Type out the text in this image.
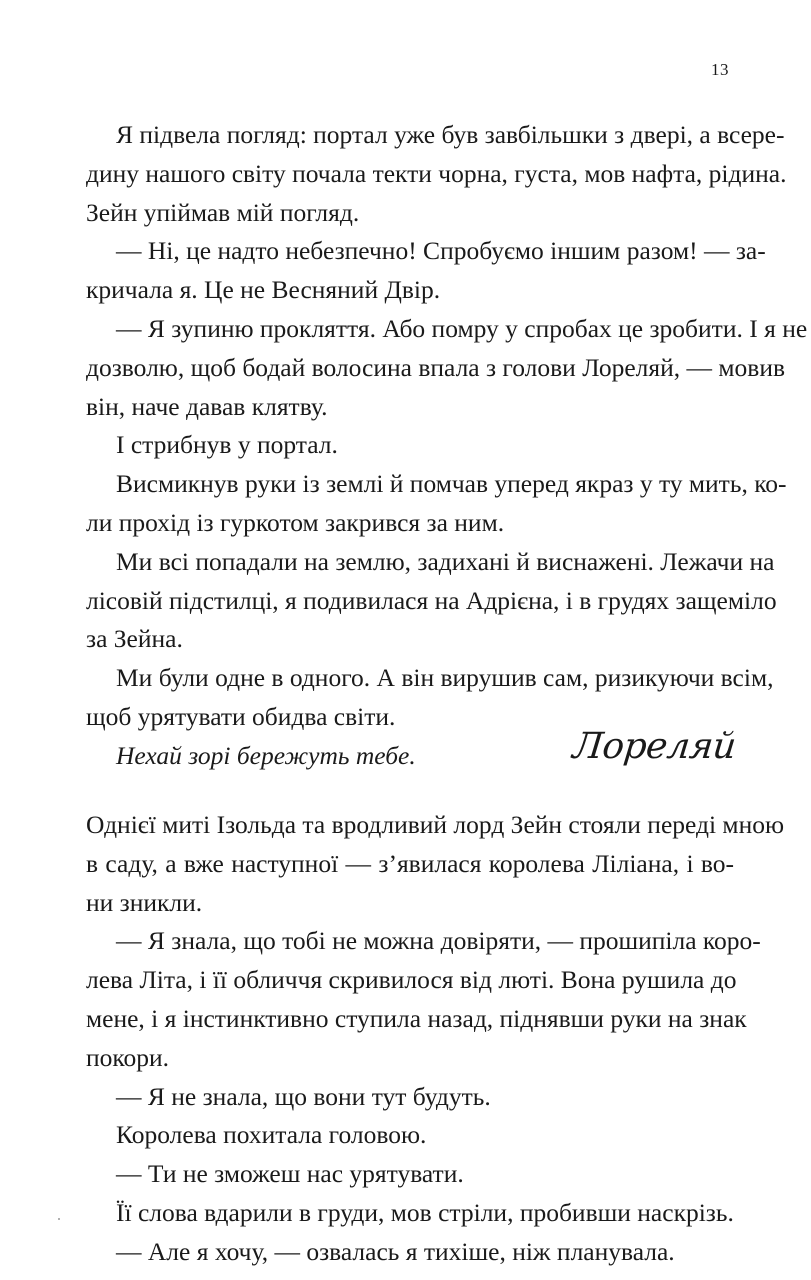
13
Я підвела погляд: портал уже був завбільшки з двері, а всере-
дину нашого світу почала текти чорна, густа, мов нафта, рідина.
Зейн упіймав мій погляд.
— Ні, це надто небезпечно! Спробуємо іншим разом! — за-
кричала я. Це не Весняний Двір.
— Я зупиню прокляття. Або помру у спробах це зробити. І я не
дозволю, щоб бодай волосина впала з голови Лореляй, — мовив
він, наче давав клятву.
І стрибнув у портал.
Висмикнув руки із землі й помчав уперед якраз у ту мить, ко-
ли прохід із гуркотом закрився за ним.
Ми всі попадали на землю, задихані й виснажені. Лежачи на
лісовій підстилці, я подивилася на Адрієна, і в грудях защеміло
за Зейна.
Ми були одне в одного. А він вирушив сам, ризикуючи всім,
щоб урятувати обидва світи.
Нехай зорі бережуть тебе.	Лореляй
Однієї миті Ізольда та вродливий лорд Зейн стояли переді мною
в саду, а вже наступної — з’явилася королева Ліліана, і во-
ни зникли.
— Я знала, що тобі не можна довіряти, — прошипіла коро-
лева Літа, і її обличчя скривилося від люті. Вона рушила до
мене, і я інстинктивно ступила назад, піднявши руки на знак
покори.
— Я не знала, що вони тут будуть.
Королева похитала головою.
— Ти не зможеш нас урятувати.
Її слова вдарили в груди, мов стріли, пробивши наскрізь.
— Але я хочу, — озвалась я тихіше, ніж планувала.
